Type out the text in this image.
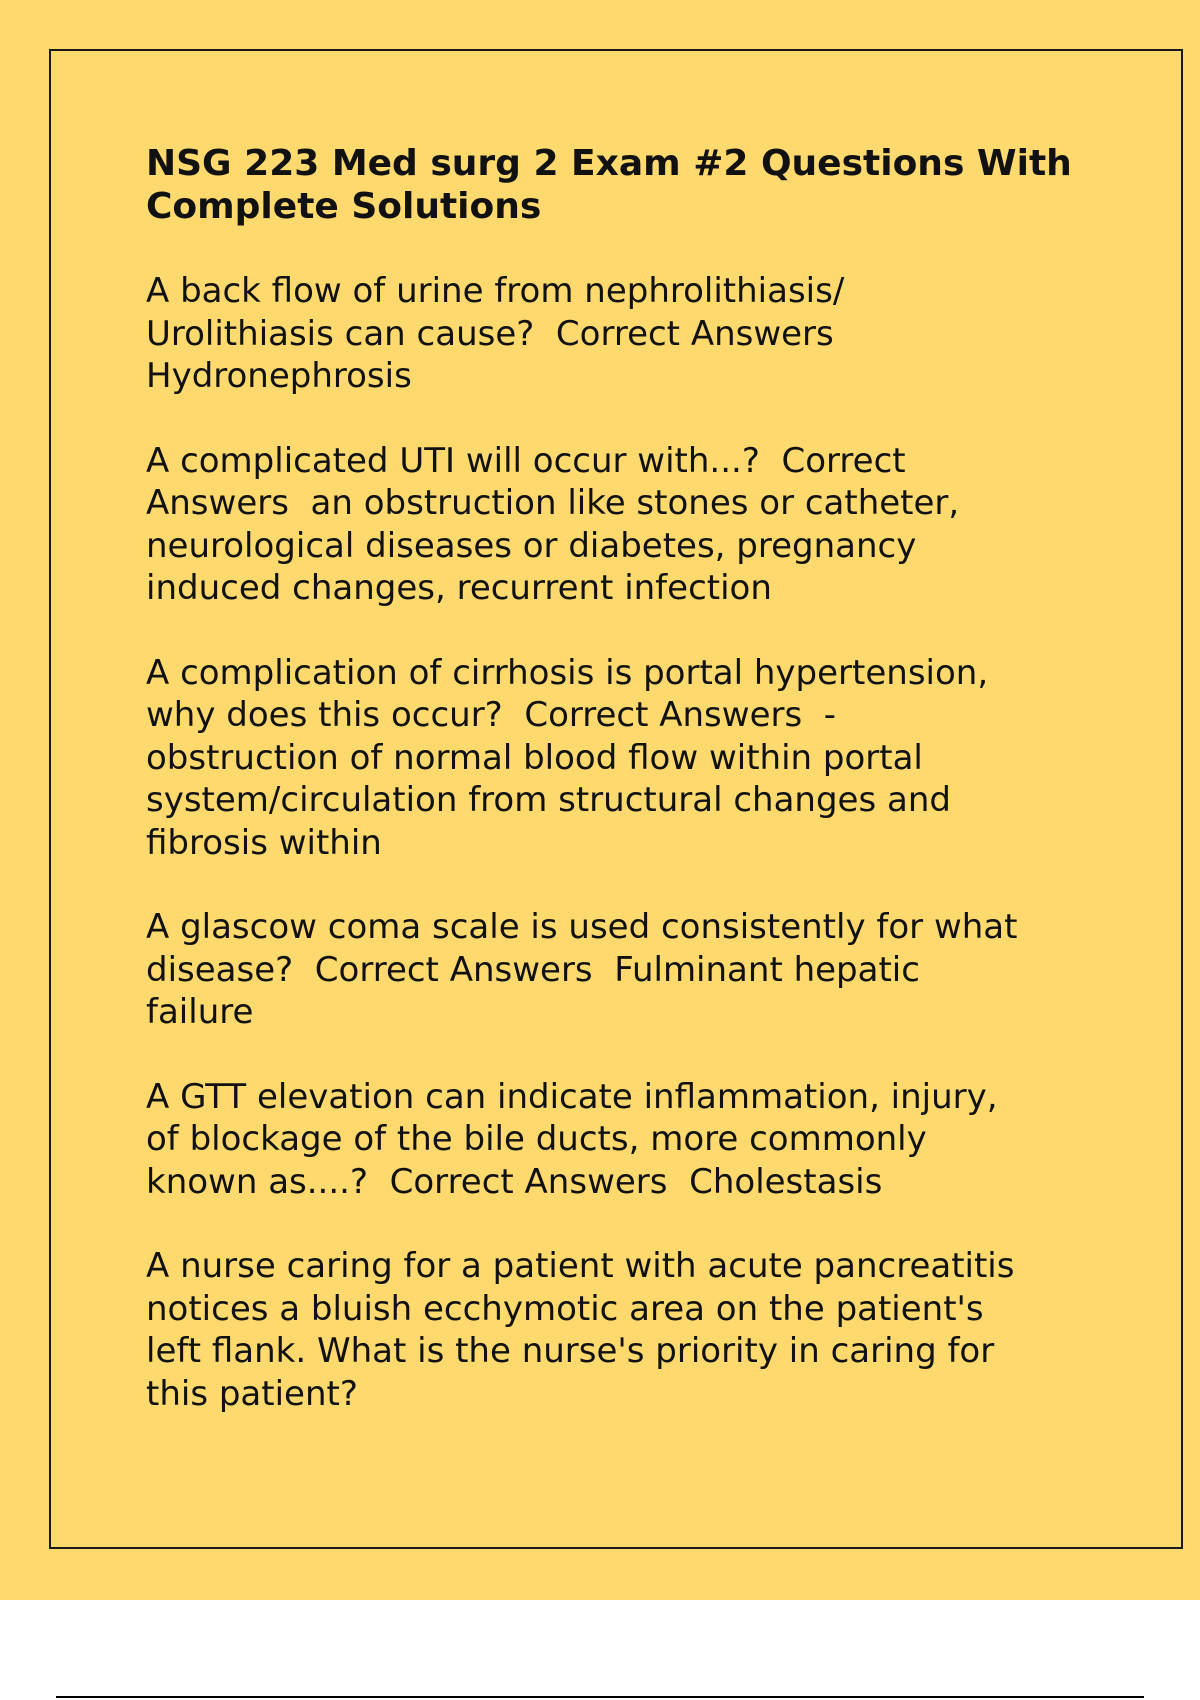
NSG 223 Med surg 2 Exam #2 Questions With Complete Solutions
A back flow of urine from nephrolithiasis/
Urolithiasis can cause?  Correct Answers
Hydronephrosis
A complicated UTI will occur with...?  Correct
Answers  an obstruction like stones or catheter,
neurological diseases or diabetes, pregnancy
induced changes, recurrent infection
A complication of cirrhosis is portal hypertension,
why does this occur?  Correct Answers  -
obstruction of normal blood flow within portal
system/circulation from structural changes and
fibrosis within
A glascow coma scale is used consistently for what
disease?  Correct Answers  Fulminant hepatic
failure
A GTT elevation can indicate inflammation, injury,
of blockage of the bile ducts, more commonly
known as....?  Correct Answers  Cholestasis
A nurse caring for a patient with acute pancreatitis
notices a bluish ecchymotic area on the patient's
left flank. What is the nurse's priority in caring for
this patient?
